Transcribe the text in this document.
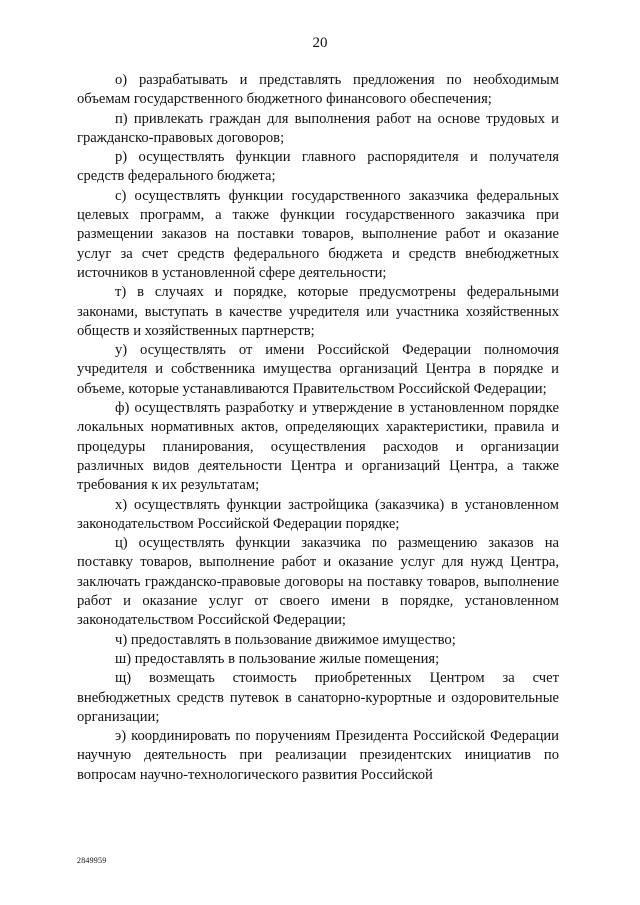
20

о) разрабатывать и представлять предложения по необходимым объемам государственного бюджетного финансового обеспечения;

п) привлекать граждан для выполнения работ на основе трудовых и гражданско-правовых договоров;

р) осуществлять функции главного распорядителя и получателя средств федерального бюджета;

с) осуществлять функции государственного заказчика федеральных целевых программ, а также функции государственного заказчика при размещении заказов на поставки товаров, выполнение работ и оказание услуг за счет средств федерального бюджета и средств внебюджетных источников в установленной сфере деятельности;

т) в случаях и порядке, которые предусмотрены федеральными законами, выступать в качестве учредителя или участника хозяйственных обществ и хозяйственных партнерств;

у) осуществлять от имени Российской Федерации полномочия учредителя и собственника имущества организаций Центра в порядке и объеме, которые устанавливаются Правительством Российской Федерации;

ф) осуществлять разработку и утверждение в установленном порядке локальных нормативных актов, определяющих характеристики, правила и процедуры планирования, осуществления расходов и организации различных видов деятельности Центра и организаций Центра, а также требования к их результатам;

х) осуществлять функции застройщика (заказчика) в установленном законодательством Российской Федерации порядке;

ц) осуществлять функции заказчика по размещению заказов на поставку товаров, выполнение работ и оказание услуг для нужд Центра, заключать гражданско-правовые договоры на поставку товаров, выполнение работ и оказание услуг от своего имени в порядке, установленном законодательством Российской Федерации;

ч) предоставлять в пользование движимое имущество;

ш) предоставлять в пользование жилые помещения;

щ) возмещать стоимость приобретенных Центром за счет внебюджетных средств путевок в санаторно-курортные и оздоровительные организации;

э) координировать по поручениям Президента Российской Федерации научную деятельность при реализации президентских инициатив по вопросам научно-технологического развития Российской

2849959
